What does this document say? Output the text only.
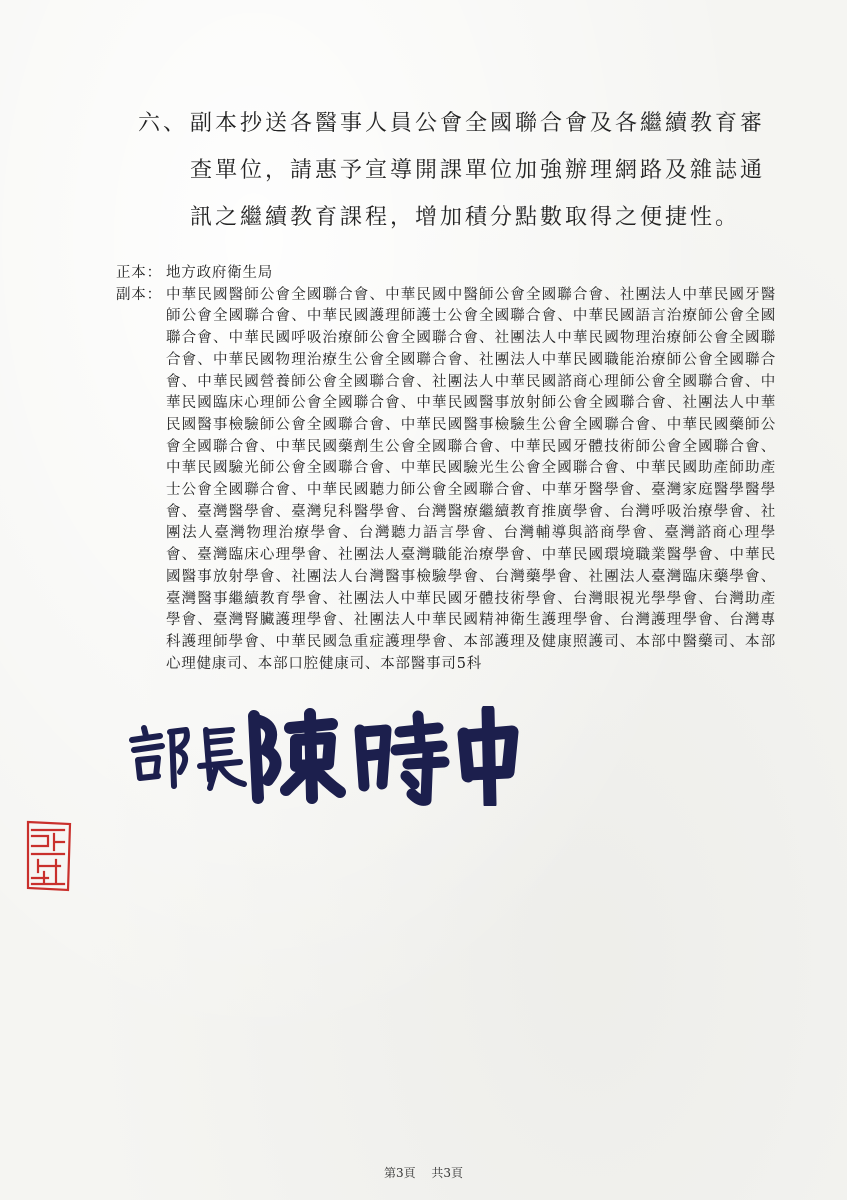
六、 副本抄送各醫事人員公會全國聯合會及各繼續教育審查單位，請惠予宣導開課單位加強辦理網路及雜誌通訊之繼續教育課程，增加積分點數取得之便捷性。
正本： 地方政府衛生局
副本： 中華民國醫師公會全國聯合會、中華民國中醫師公會全國聯合會、社團法人中華民國牙醫師公會全國聯合會、中華民國護理師護士公會全國聯合會、中華民國語言治療師公會全國聯合會、中華民國呼吸治療師公會全國聯合會、社團法人中華民國物理治療師公會全國聯合會、中華民國物理治療生公會全國聯合會、社團法人中華民國職能治療師公會全國聯合會、中華民國營養師公會全國聯合會、社團法人中華民國諮商心理師公會全國聯合會、中華民國臨床心理師公會全國聯合會、中華民國醫事放射師公會全國聯合會、社團法人中華民國醫事檢驗師公會全國聯合會、中華民國醫事檢驗生公會全國聯合會、中華民國藥師公會全國聯合會、中華民國藥劑生公會全國聯合會、中華民國牙體技術師公會全國聯合會、中華民國驗光師公會全國聯合會、中華民國驗光生公會全國聯合會、中華民國助產師助產士公會全國聯合會、中華民國聽力師公會全國聯合會、中華牙醫學會、臺灣家庭醫學醫學會、臺灣醫學會、臺灣兒科醫學會、台灣醫療繼續教育推廣學會、台灣呼吸治療學會、社團法人臺灣物理治療學會、台灣聽力語言學會、台灣輔導與諮商學會、臺灣諮商心理學會、臺灣臨床心理學會、社團法人臺灣職能治療學會、中華民國環境職業醫學會、中華民國醫事放射學會、社團法人台灣醫事檢驗學會、台灣藥學會、社團法人臺灣臨床藥學會、臺灣醫事繼續教育學會、社團法人中華民國牙體技術學會、台灣眼視光學學會、台灣助產學會、臺灣腎臟護理學會、社團法人中華民國精神衛生護理學會、台灣護理學會、台灣專科護理師學會、中華民國急重症護理學會、本部護理及健康照護司、本部中醫藥司、本部心理健康司、本部口腔健康司、本部醫事司5科
第3頁 共3頁
